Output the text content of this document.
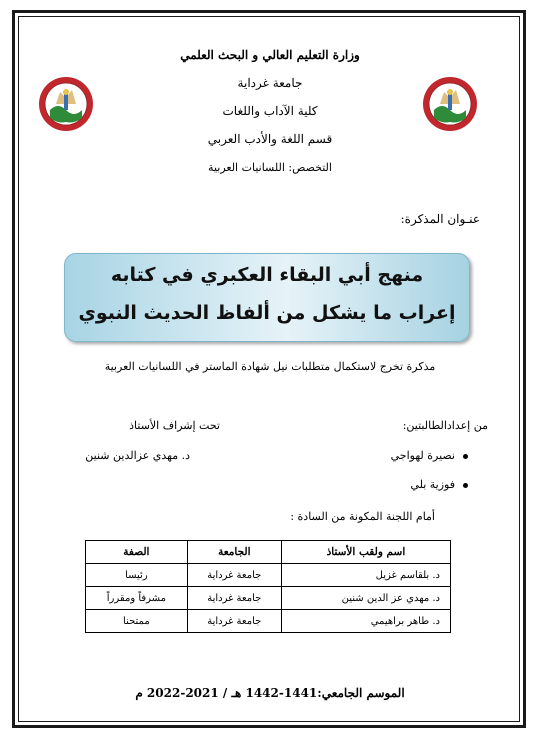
وزارة التعليم العالي و البحث العلمي
جامعة غرداية
كلية الآداب واللغات
قسم اللغة والأدب العربي
التخصص: اللسانيات العربية
عنـوان المذكرة:
منهج أبي البقاء العكبري في كتابه
إعراب ما يشكل من ألفاظ الحديث النبوي
مذكرة تخرج لاستكمال متطلبات نيل شهادة الماستر في اللسانيات العربية
من إعدادالطالبتين:
تحت إشراف الأستاذ
نصيرة لهواجي
د. مهدي عزالدين شنين
فوزية بلي
أمام اللجنة المكونة من السادة :
اسم ولقب الأستاذ	الجامعة	الصفة
د. بلقاسم غزيل	جامعة غرداية	رئيسا
د. مهدي عز الدين شنين	جامعة غرداية	مشرفاً ومقرراً
د. طاهر براهيمي	جامعة غرداية	ممتحنا
الموسم الجامعي:1441-1442 هـ / 2021-2022 م
